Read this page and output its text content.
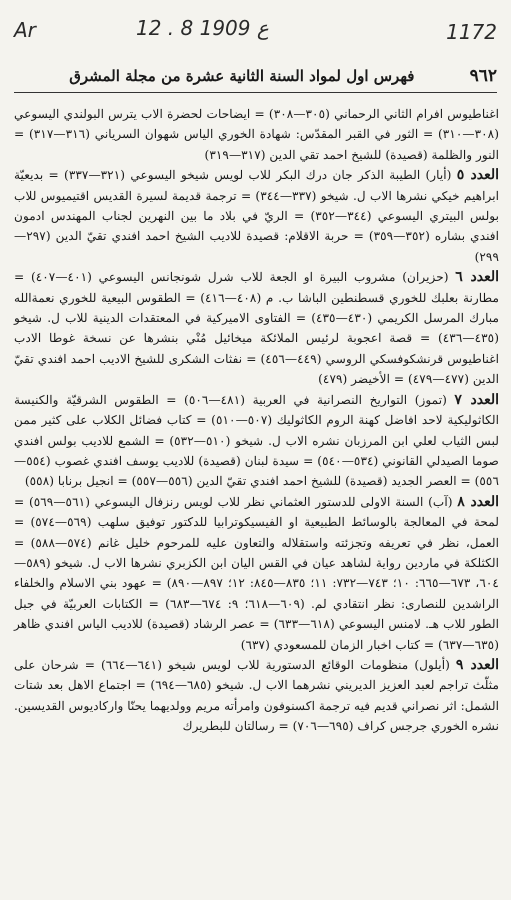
Ar	12 . 8 ع 1909	1172
٩٦٢
فهرس اول لمواد السنة الثانية عشرة من مجلة المشرق

اغناطيوس افرام الثاني الرحماني (٣٠٥—٣٠٨) = ايضاحات لحضرة الاب يترس البولندي اليسوعي (٣٠٨—٣١٠) = الثور في القبر المقدّس: شهادة الخوري الياس شهوان السرياني (٣١٦—٣١٧) = النور والظلمة (قصيدة) للشيخ احمد تقي الدين (٣١٧—٣١٩)

العدد ٥ (أيار) الطيبة الذكر جان درك البكر للاب لويس شيخو اليسوعي (٣٢١—٣٣٧) = بديعيّة ابراهيم خيكي نشرها الاب ل. شيخو (٣٣٧—٣٤٤) = ترجمة قديمة لسيرة القديس اقتيميوس للاب بولس البيتري اليسوعي (٣٤٤—٣٥٢) = الريّ في بلاد ما بين النهرين لجناب المهندس ادمون افندي بشاره (٣٥٢—٣٥٩) = حربة الاقلام: قصيدة للاديب الشيخ احمد افندي تقيّ الدين (٢٩٧—٢٩٩)

العدد ٦ (حزيران) مشروب البيرة او الجعة للاب شرل شونجانس اليسوعي (٤٠١—٤٠٧) = مطارنة بعلبك للخوري قسطنطين الباشا ب. م (٤٠٨—٤١٦) = الطقوس البيعية للخوري نعمةالله مبارك المرسل الكريمي (٤٣٠—٤٣٥) = الفتاوى الاميركية في المعتقدات الدينية للاب ل. شيخو (٤٣٥—٤٣٦) = قصة اعجوبة لرئيس الملائكة ميخائيل مُنْي بنشرها عن نسخة غوطا الادب اغناطيوس قرنشكوفسكي الروسي (٤٤٩—٤٥٦) = نفثات الشكرى للشيخ الاديب احمد افندي تقيّ الدين (٤٧٧—٤٧٩) = الأخيضر (٤٧٩)

العدد ٧ (تموز) التواريخ النصرانية في العربية (٤٨١—٥٠٦) = الطقوس الشرقيّة والكنيسة الكاثوليكية لاحد افاضل كهنة الروم الكاثوليك (٥٠٧—٥١٠) = كتاب فضائل الكلاب على كثير ممن لبس الثياب لعلي ابن المرزبان نشره الاب ل. شيخو (٥١٠—٥٣٢) = الشمع للاديب بولس افندي صوما الصيدلي القانوني (٥٣٤—٥٤٠) = سيدة لبنان (قصيدة) للاديب يوسف افندي غصوب (٥٥٤—٥٥٦) = العصر الجديد (قصيدة) للشيخ احمد افندي تقيّ الدين (٥٥٦—٥٥٧) = انجيل برنابا (٥٥٨)

العدد ٨ (آب) السنة الاولى للدستور العثماني نظر للاب لويس رنزفال اليسوعي (٥٦١—٥٦٩) = لمحة في المعالجة بالوسائط الطبيعية او الفيسيكوترابيا للدكتور توفيق سلهب (٥٦٩—٥٧٤) = العمل، نظر في تعريفه وتجزئته واستقلاله والتعاون عليه للمرحوم خليل غانم (٥٧٤—٥٨٨) = الكثلكة في ماردين رواية لشاهد عيان في القس اليان ابن الكزبري نشرها الاب ل. شيخو (٥٨٩—٦٠٤، ٦٧٣—٦٦٥: ١٠؛ ٧٤٣—٧٣٢: ١١؛ ٨٣٥—٨٤٥: ١٢؛ ٨٩٧—٨٩٠) = عهود بني الاسلام والخلفاء الراشدين للنصارى: نظر انتقادي لم. (٦٠٩—٦١٨؛ ٩: ٦٧٤—٦٨٣) = الكتابات العربيّة في جبل الطور للاب هـ. لامنس اليسوعي (٦١٨—٦٣٣) = عصر الرشاد (قصيدة) للاديب الياس افندي ظاهر (٦٣٥—٦٣٧) = كتاب اخبار الزمان للمسعودي (٦٣٧)

العدد ٩ (أيلول) منظومات الوقائع الدستورية للاب لويس شيخو (٦٤١—٦٦٤) = شرحان على مثلّث تراجم لعبد العزيز الديريني نشرهما الاب ل. شيخو (٦٨٥—٦٩٤) = اجتماع الاهل بعد شتات الشمل: اثر نصراني قديم فيه ترجمة اكسنوفون وامرأته مريم وولديهما يحنّا واركاديوس القديسين. نشره الخوري جرجس كراف (٦٩٥—٧٠٦) = رسالتان للبطريرك
